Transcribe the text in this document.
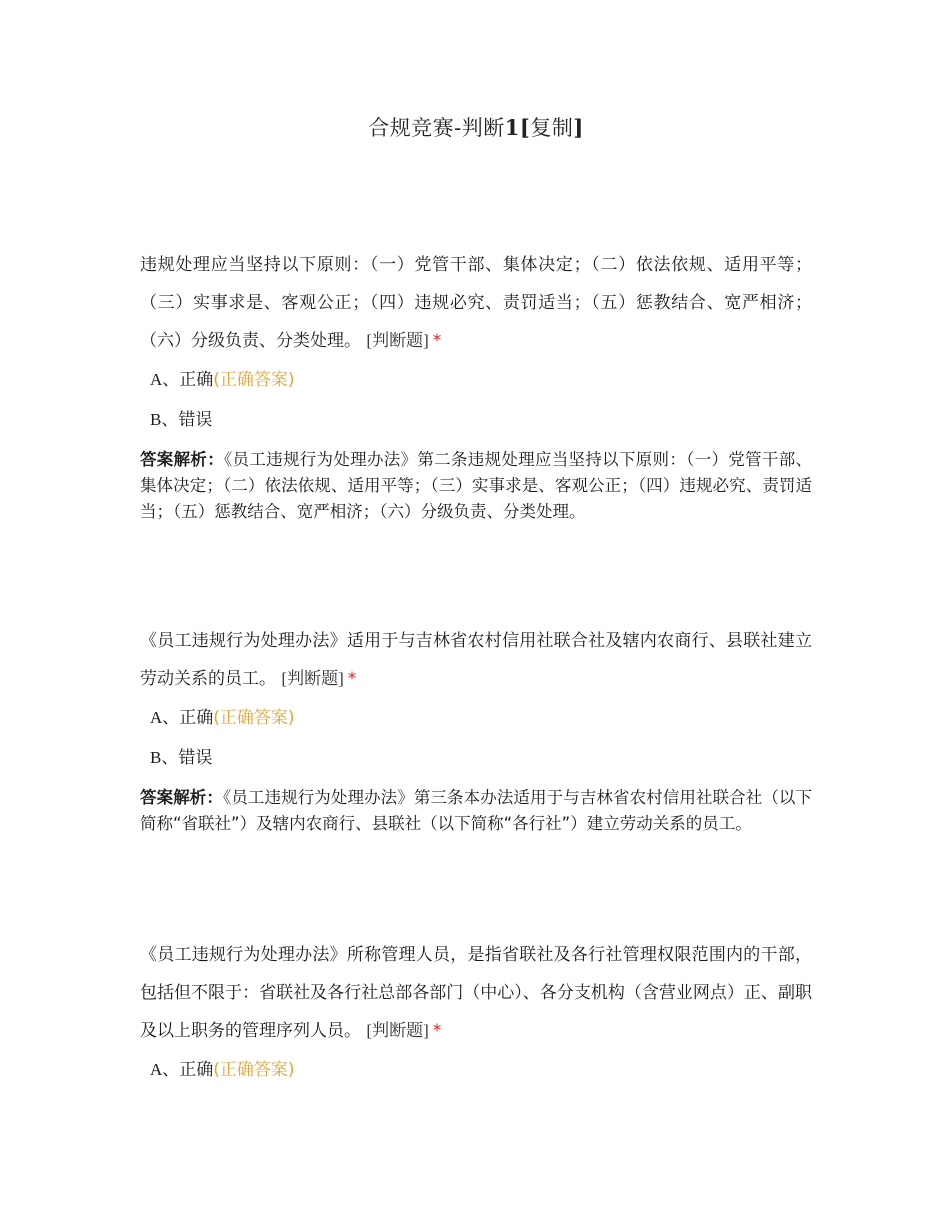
合规竞赛-判断1[复制]

违规处理应当坚持以下原则：（一）党管干部、集体决定；（二）依法依规、适用平等；（三）实事求是、客观公正；（四）违规必究、责罚适当；（五）惩教结合、宽严相济；（六）分级负责、分类处理。 [判断题] *

A、 正确 (正确答案)
B、 错误

答案解析：《员工违规行为处理办法》第二条违规处理应当坚持以下原则：（一）党管干部、集体决定；（二）依法依规、适用平等；（三）实事求是、客观公正；（四）违规必究、责罚适当；（五）惩教结合、宽严相济；（六）分级负责、分类处理。

《员工违规行为处理办法》适用于与吉林省农村信用社联合社及辖内农商行、县联社建立劳动关系的员工。 [判断题] *

A、 正确 (正确答案)
B、 错误

答案解析：《员工违规行为处理办法》第三条本办法适用于与吉林省农村信用社联合社（以下简称“省联社”）及辖内农商行、县联社（以下简称“各行社”）建立劳动关系的员工。

《员工违规行为处理办法》所称管理人员，是指省联社及各行社管理权限范围内的干部，包括但不限于：省联社及各行社总部各部门（中心）、各分支机构（含营业网点）正、副职及以上职务的管理序列人员。 [判断题] *

A、 正确 (正确答案)
